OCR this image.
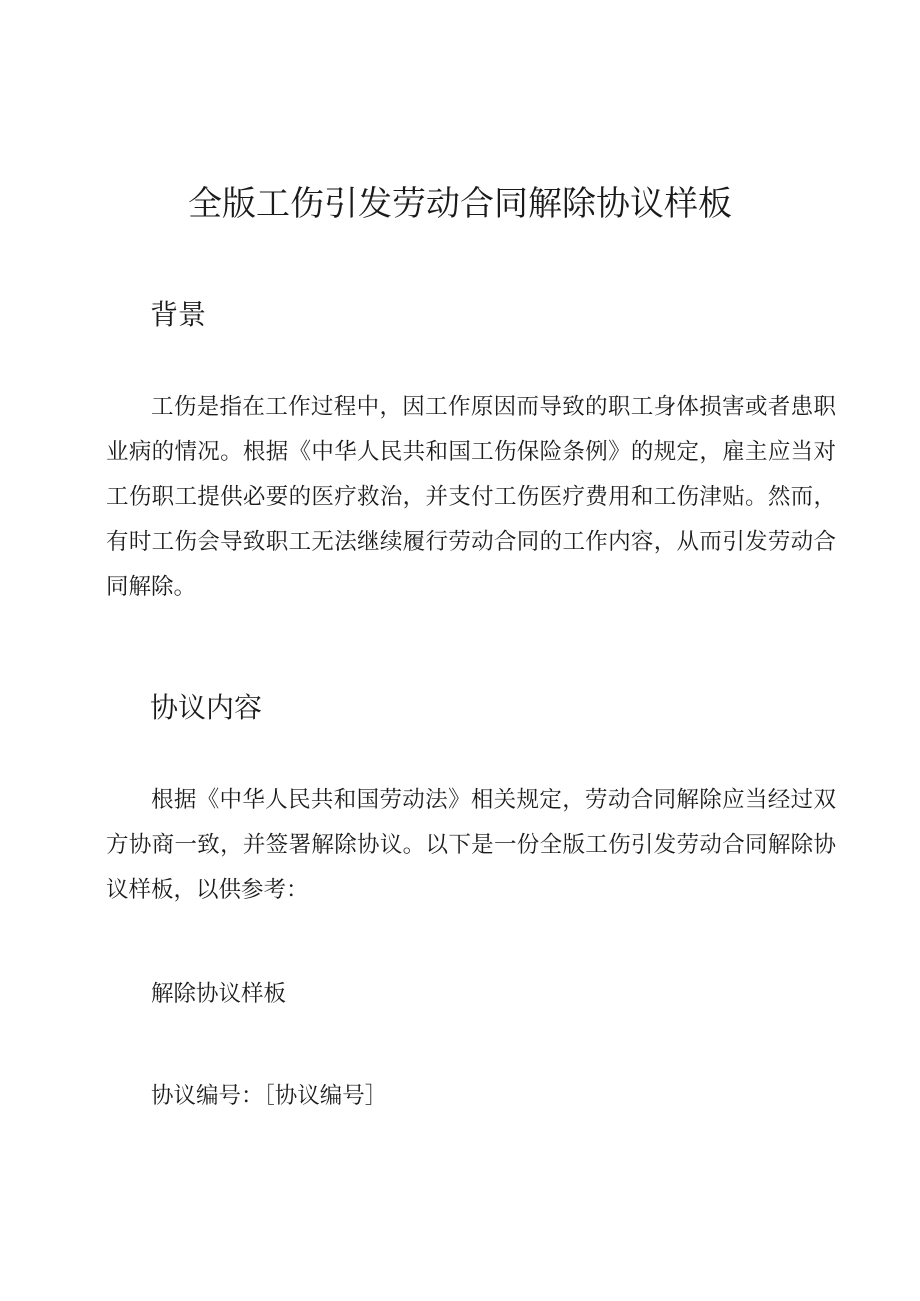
全版工伤引发劳动合同解除协议样板
背景

工伤是指在工作过程中，因工作原因而导致的职工身体损害或者患职业病的情况。根据《中华人民共和国工伤保险条例》的规定，雇主应当对工伤职工提供必要的医疗救治，并支付工伤医疗费用和工伤津贴。然而，有时工伤会导致职工无法继续履行劳动合同的工作内容，从而引发劳动合同解除。

协议内容

根据《中华人民共和国劳动法》相关规定，劳动合同解除应当经过双方协商一致，并签署解除协议。以下是一份全版工伤引发劳动合同解除协议样板，以供参考：

解除协议样板

协议编号：［协议编号］
